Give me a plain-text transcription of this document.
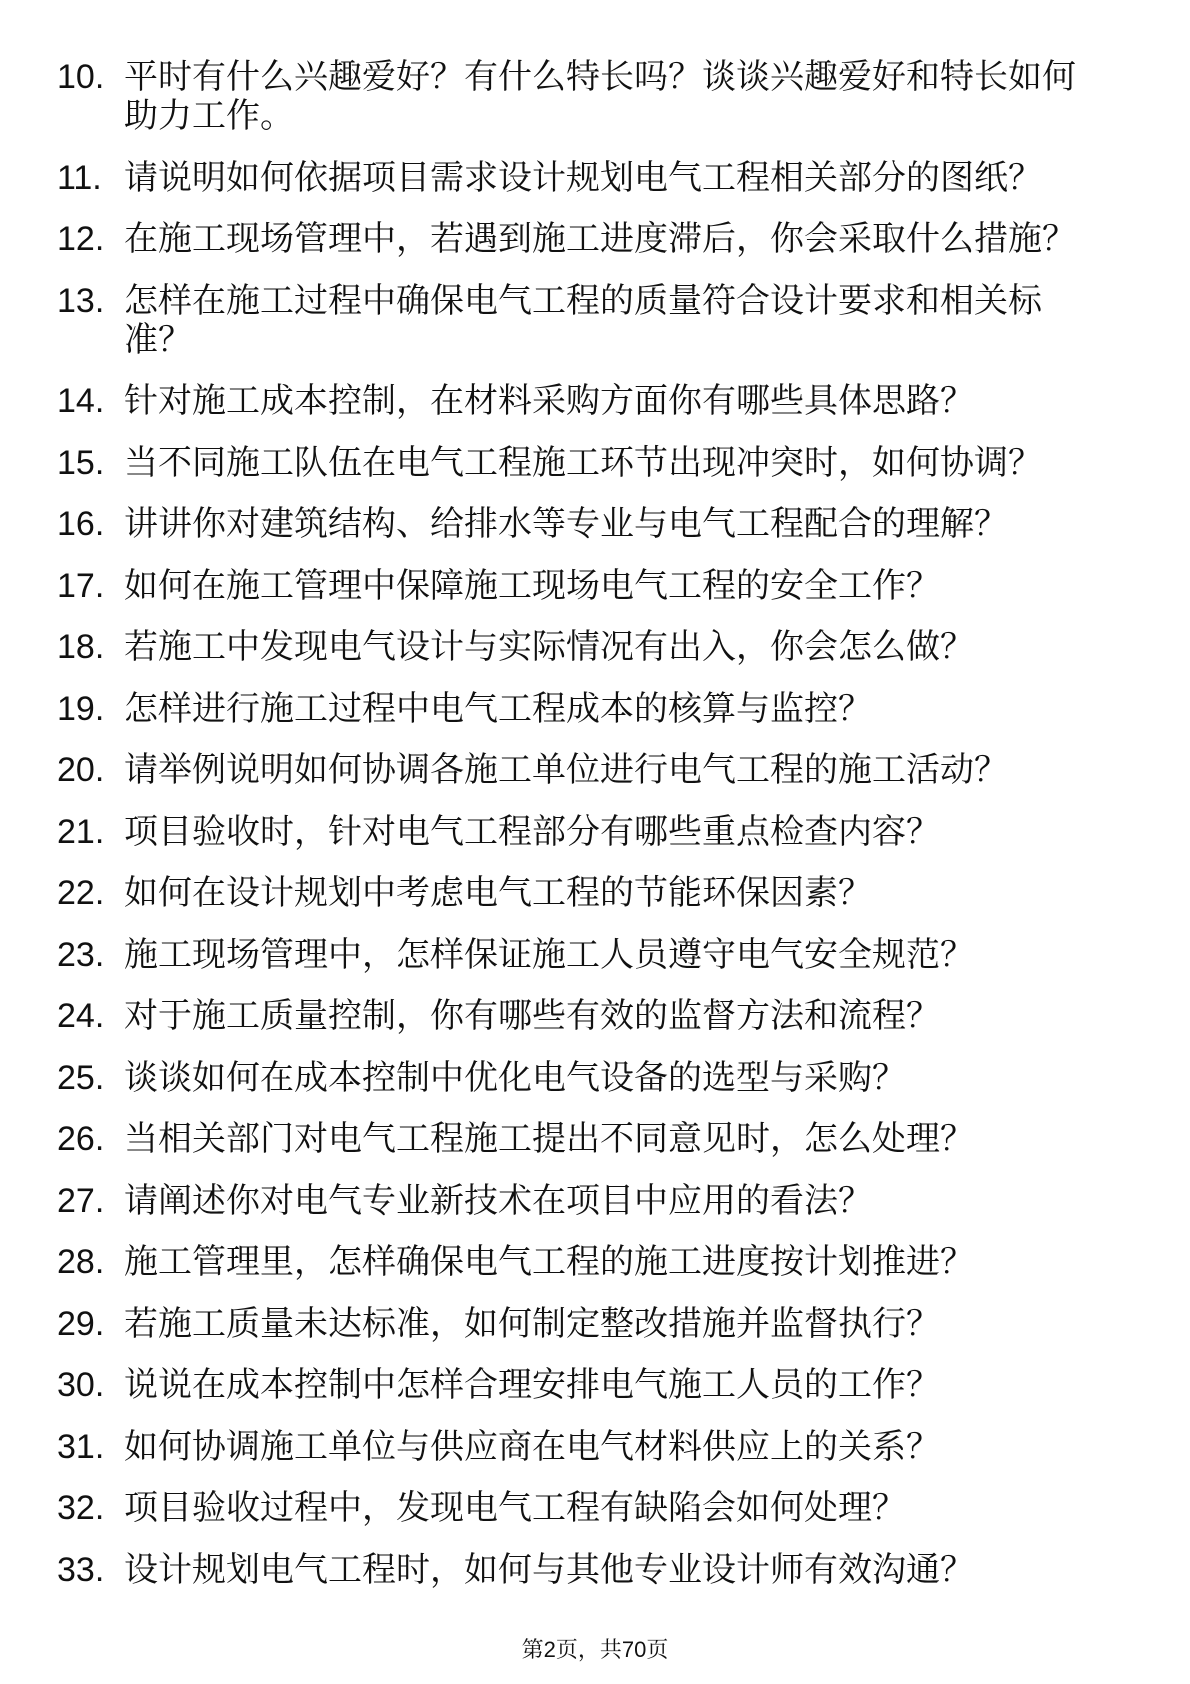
10. 平时有什么兴趣爱好？有什么特长吗？谈谈兴趣爱好和特长如何助力工作。
11. 请说明如何依据项目需求设计规划电气工程相关部分的图纸？
12. 在施工现场管理中，若遇到施工进度滞后，你会采取什么措施？
13. 怎样在施工过程中确保电气工程的质量符合设计要求和相关标准？
14. 针对施工成本控制，在材料采购方面你有哪些具体思路？
15. 当不同施工队伍在电气工程施工环节出现冲突时，如何协调？
16. 讲讲你对建筑结构、给排水等专业与电气工程配合的理解？
17. 如何在施工管理中保障施工现场电气工程的安全工作？
18. 若施工中发现电气设计与实际情况有出入，你会怎么做？
19. 怎样进行施工过程中电气工程成本的核算与监控？
20. 请举例说明如何协调各施工单位进行电气工程的施工活动？
21. 项目验收时，针对电气工程部分有哪些重点检查内容？
22. 如何在设计规划中考虑电气工程的节能环保因素？
23. 施工现场管理中，怎样保证施工人员遵守电气安全规范？
24. 对于施工质量控制，你有哪些有效的监督方法和流程？
25. 谈谈如何在成本控制中优化电气设备的选型与采购？
26. 当相关部门对电气工程施工提出不同意见时，怎么处理？
27. 请阐述你对电气专业新技术在项目中应用的看法？
28. 施工管理里，怎样确保电气工程的施工进度按计划推进？
29. 若施工质量未达标准，如何制定整改措施并监督执行？
30. 说说在成本控制中怎样合理安排电气施工人员的工作？
31. 如何协调施工单位与供应商在电气材料供应上的关系？
32. 项目验收过程中，发现电气工程有缺陷会如何处理？
33. 设计规划电气工程时，如何与其他专业设计师有效沟通？
第2页，共70页
